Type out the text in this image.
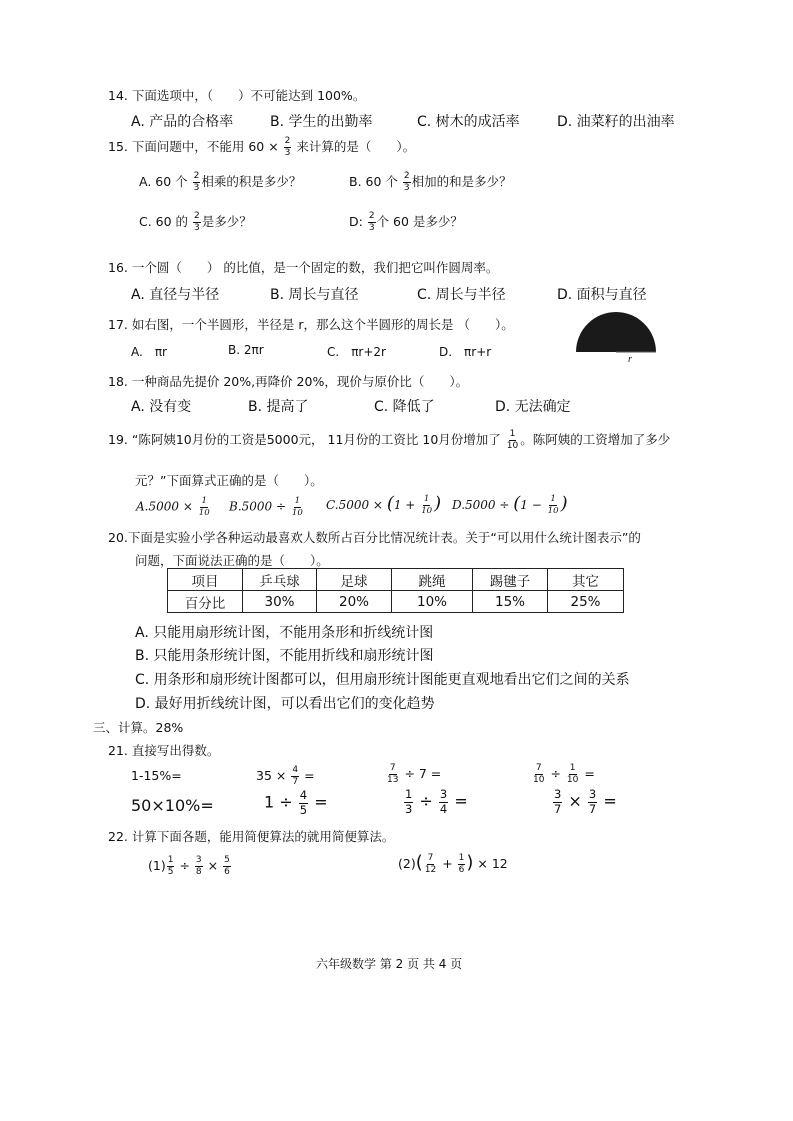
14. 下面选项中，（　　）不可能达到 100%。
A. 产品的合格率	B. 学生的出勤率	C. 树木的成活率	D. 油菜籽的出油率
15. 下面问题中，不能用 $60 \times \frac{2}{3}$ 来计算的是（　　）。
A. 60 个 $\frac{2}{3}$ 相乘的积是多少？	B. 60 个 $\frac{2}{3}$ 相加的和是多少？
C. 60 的 $\frac{2}{3}$ 是多少？	D: $\frac{2}{3}$ 个 60 是多少？
16. 一个圆（　　） 的比值，是一个固定的数，我们把它叫作圆周率。
A. 直径与半径	B. 周长与直径	C. 周长与半径	D. 面积与直径
17. 如右图，一个半圆形，半径是 r，那么这个半圆形的周长是 （　　）。
A.　πr	B. 2πr	C.　πr+2r	D.　πr+r
r
18. 一种商品先提价 20%,再降价 20%，现价与原价比（　　）。
A. 没有变	B. 提高了	C. 降低了	D. 无法确定
19. “陈阿姨10月份的工资是5000元， 11月份的工资比 10月份增加了 $\frac{1}{10}$ 。陈阿姨的工资增加了多少
元？”下面算式正确的是（　　）。
$A.5000 \times \frac{1}{10} B.5000 \div \frac{1}{10} C.5000 \times (1 + \frac{1}{10}$ ) $D.5000 \div (1 - \frac{1}{10}$ )
20.下面是实验小学各种运动最喜欢人数所占百分比情况统计表。关于“可以用什么统计图表示”的
问题，下面说法正确的是（　　）。
项目	乒乓球	足球	跳绳	踢毽子	其它
百分比	30%	20%	10%	15%	25%
A. 只能用扇形统计图，不能用条形和折线统计图
B. 只能用条形统计图，不能用折线和扇形统计图
C. 用条形和扇形统计图都可以，但用扇形统计图能更直观地看出它们之间的关系
D. 最好用折线统计图，可以看出它们的变化趋势
三、计算。28%
21. 直接写出得数。
1-15%=	$35 \times \frac{4}{7}$ =	$\frac{7}{13} \div 7$ =	$\frac{7}{10} \div \frac{1}{10}$ =
50×10%=	$1 \div \frac{4}{5}$ =	$\frac{1}{3} \div \frac{3}{4}$ =	$\frac{3}{7} \times \frac{3}{7}$ =
22. 计算下面各题，能用简便算法的就用简便算法。
$(1) \frac{1}{5} \div \frac{3}{8} \times \frac{5}{6}$	$(2)( \frac{7}{12} + \frac{1}{6}$ ) × 12
六年级数学 第 2 页 共 4 页
